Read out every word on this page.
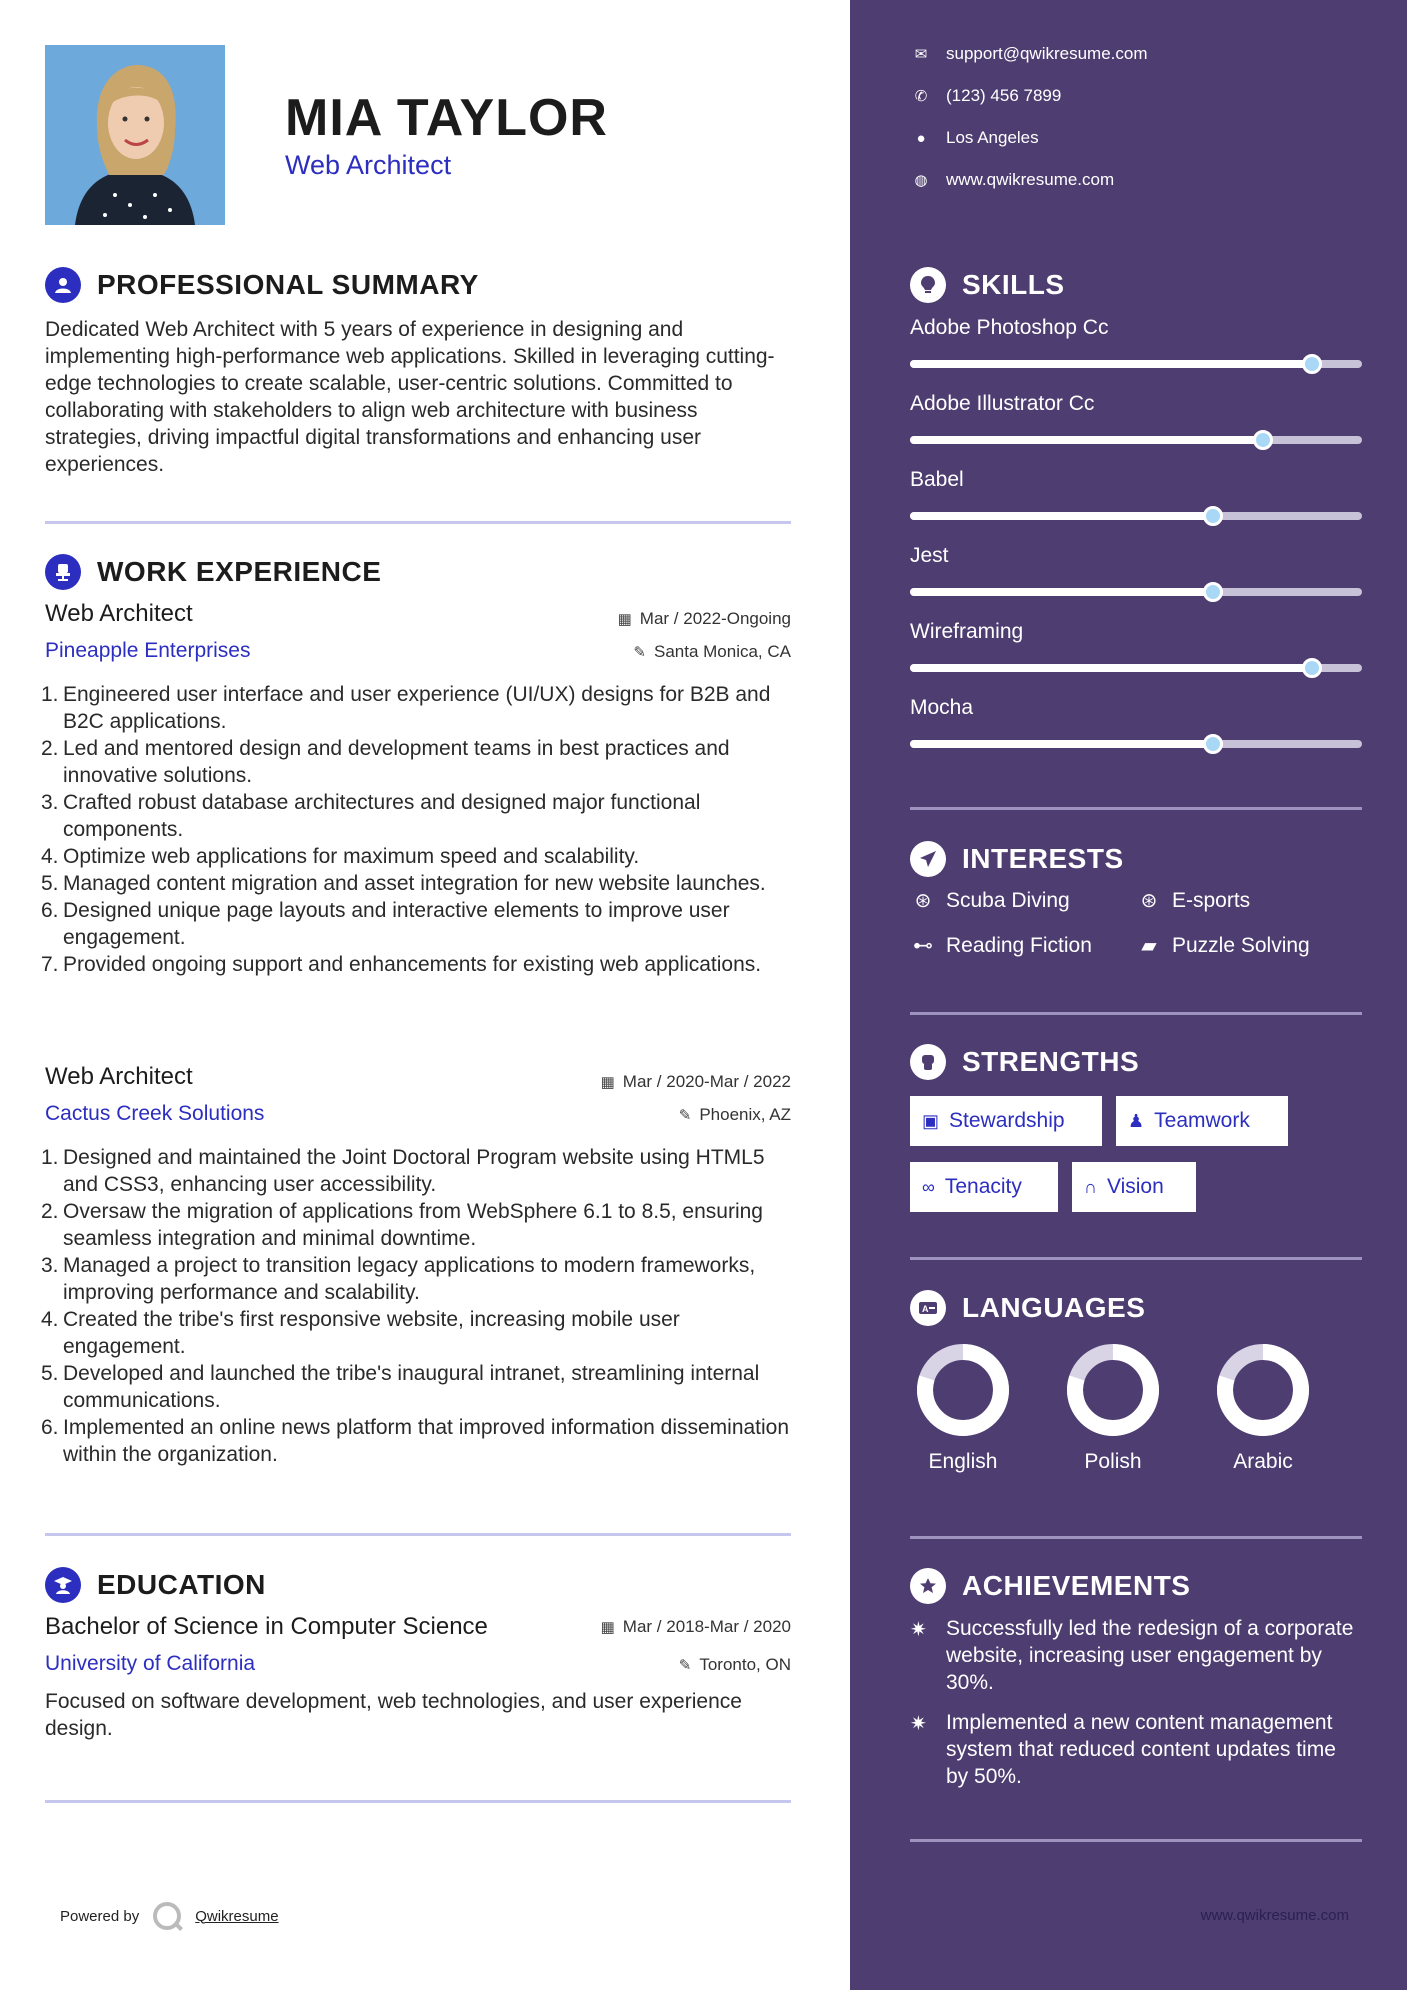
MIA TAYLOR
Web Architect
PROFESSIONAL SUMMARY
Dedicated Web Architect with 5 years of experience in designing and implementing high-performance web applications. Skilled in leveraging cutting-edge technologies to create scalable, user-centric solutions. Committed to collaborating with stakeholders to align web architecture with business strategies, driving impactful digital transformations and enhancing user experiences.
WORK EXPERIENCE
Web Architect	▦ Mar / 2022-Ongoing
Pineapple Enterprises	✎ Santa Monica, CA
1. Engineered user interface and user experience (UI/UX) designs for B2B and B2C applications.
2. Led and mentored design and development teams in best practices and innovative solutions.
3. Crafted robust database architectures and designed major functional components.
4. Optimize web applications for maximum speed and scalability.
5. Managed content migration and asset integration for new website launches.
6. Designed unique page layouts and interactive elements to improve user engagement.
7. Provided ongoing support and enhancements for existing web applications.
Web Architect	▦ Mar / 2020-Mar / 2022
Cactus Creek Solutions	✎ Phoenix, AZ
1. Designed and maintained the Joint Doctoral Program website using HTML5 and CSS3, enhancing user accessibility.
2. Oversaw the migration of applications from WebSphere 6.1 to 8.5, ensuring seamless integration and minimal downtime.
3. Managed a project to transition legacy applications to modern frameworks, improving performance and scalability.
4. Created the tribe's first responsive website, increasing mobile user engagement.
5. Developed and launched the tribe's inaugural intranet, streamlining internal communications.
6. Implemented an online news platform that improved information dissemination within the organization.
EDUCATION
Bachelor of Science in Computer Science	▦ Mar / 2018-Mar / 2020
University of California	✎ Toronto, ON
Focused on software development, web technologies, and user experience design.
Powered by	Qwikresume
✉ support@qwikresume.com
✆ (123) 456 7899
●	Los Angeles
◍ www.qwikresume.com
SKILLS
Adobe Photoshop Cc
Adobe Illustrator Cc
Babel
Jest
Wireframing
Mocha
INTERESTS
⊛ Scuba Diving	⊛ E-sports
⊷ Reading Fiction ▰ Puzzle Solving
STRENGTHS
▣ Stewardship	♟ Teamwork
∞ Tenacity	∩ Vision
A LANGUAGES
English	Polish	Arabic
ACHIEVEMENTS
✷ Successfully led the redesign of a corporate website, increasing user engagement by 30%.
✷ Implemented a new content management system that reduced content updates time by 50%.
www.qwikresume.com
